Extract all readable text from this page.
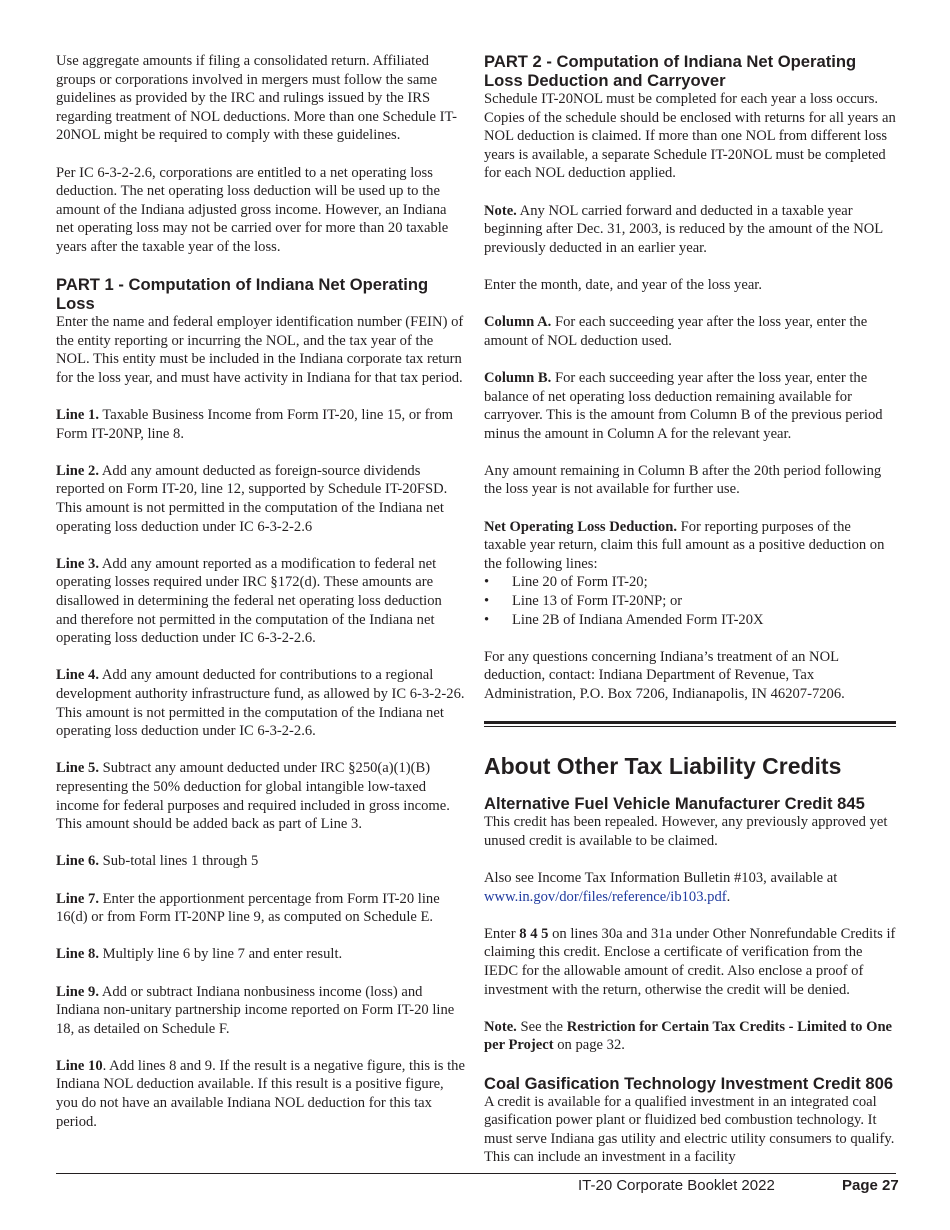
Use aggregate amounts if filing a consolidated return. Affiliated groups or corporations involved in mergers must follow the same guidelines as provided by the IRC and rulings issued by the IRS regarding treatment of NOL deductions. More than one Schedule IT-20NOL might be required to comply with these guidelines.

Per IC 6-3-2-2.6, corporations are entitled to a net operating loss deduction. The net operating loss deduction will be used up to the amount of the Indiana adjusted gross income. However, an Indiana net operating loss may not be carried over for more than 20 taxable years after the taxable year of the loss.

PART 1 - Computation of Indiana Net Operating Loss

Enter the name and federal employer identification number (FEIN) of the entity reporting or incurring the NOL, and the tax year of the NOL. This entity must be included in the Indiana corporate tax return for the loss year, and must have activity in Indiana for that tax period.

Line 1. Taxable Business Income from Form IT-20, line 15, or from Form IT-20NP, line 8.

Line 2. Add any amount deducted as foreign-source dividends reported on Form IT-20, line 12, supported by Schedule IT-20FSD. This amount is not permitted in the computation of the Indiana net operating loss deduction under IC 6-3-2-2.6

Line 3. Add any amount reported as a modification to federal net operating losses required under IRC §172(d). These amounts are disallowed in determining the federal net operating loss deduction and therefore not permitted in the computation of the Indiana net operating loss deduction under IC 6-3-2-2.6.

Line 4. Add any amount deducted for contributions to a regional development authority infrastructure fund, as allowed by IC 6-3-2-26. This amount is not permitted in the computation of the Indiana net operating loss deduction under IC 6-3-2-2.6.

Line 5. Subtract any amount deducted under IRC §250(a)(1)(B) representing the 50% deduction for global intangible low-taxed income for federal purposes and required included in gross income. This amount should be added back as part of Line 3.

Line 6. Sub-total lines 1 through 5

Line 7. Enter the apportionment percentage from Form IT-20 line 16(d) or from Form IT-20NP line 9, as computed on Schedule E.

Line 8. Multiply line 6 by line 7 and enter result.

Line 9. Add or subtract Indiana nonbusiness income (loss) and Indiana non-unitary partnership income reported on Form IT-20 line 18, as detailed on Schedule F.

Line 10. Add lines 8 and 9. If the result is a negative figure, this is the Indiana NOL deduction available. If this result is a positive figure, you do not have an available Indiana NOL deduction for this tax period.

PART 2 - Computation of Indiana Net Operating Loss Deduction and Carryover

Schedule IT-20NOL must be completed for each year a loss occurs. Copies of the schedule should be enclosed with returns for all years an NOL deduction is claimed. If more than one NOL from different loss years is available, a separate Schedule IT-20NOL must be completed for each NOL deduction applied.

Note. Any NOL carried forward and deducted in a taxable year beginning after Dec. 31, 2003, is reduced by the amount of the NOL previously deducted in an earlier year.

Enter the month, date, and year of the loss year.

Column A. For each succeeding year after the loss year, enter the amount of NOL deduction used.

Column B. For each succeeding year after the loss year, enter the balance of net operating loss deduction remaining available for carryover. This is the amount from Column B of the previous period minus the amount in Column A for the relevant year.

Any amount remaining in Column B after the 20th period following the loss year is not available for further use.

Net Operating Loss Deduction. For reporting purposes of the taxable year return, claim this full amount as a positive deduction on the following lines:
• Line 20 of Form IT-20;
• Line 13 of Form IT-20NP; or
• Line 2B of Indiana Amended Form IT-20X

For any questions concerning Indiana’s treatment of an NOL deduction, contact: Indiana Department of Revenue, Tax Administration, P.O. Box 7206, Indianapolis, IN 46207-7206.

About Other Tax Liability Credits
Alternative Fuel Vehicle Manufacturer Credit 845

This credit has been repealed. However, any previously approved yet unused credit is available to be claimed.

Also see Income Tax Information Bulletin #103, available at www.in.gov/dor/files/reference/ib103.pdf.

Enter 8 4 5 on lines 30a and 31a under Other Nonrefundable Credits if claiming this credit. Enclose a certificate of verification from the IEDC for the allowable amount of credit. Also enclose a proof of investment with the return, otherwise the credit will be denied.

Note. See the Restriction for Certain Tax Credits - Limited to One per Project on page 32.

Coal Gasification Technology Investment Credit 806

A credit is available for a qualified investment in an integrated coal gasification power plant or fluidized bed combustion technology. It must serve Indiana gas utility and electric utility consumers to qualify. This can include an investment in a facility

IT-20 Corporate Booklet 2022	Page 27
